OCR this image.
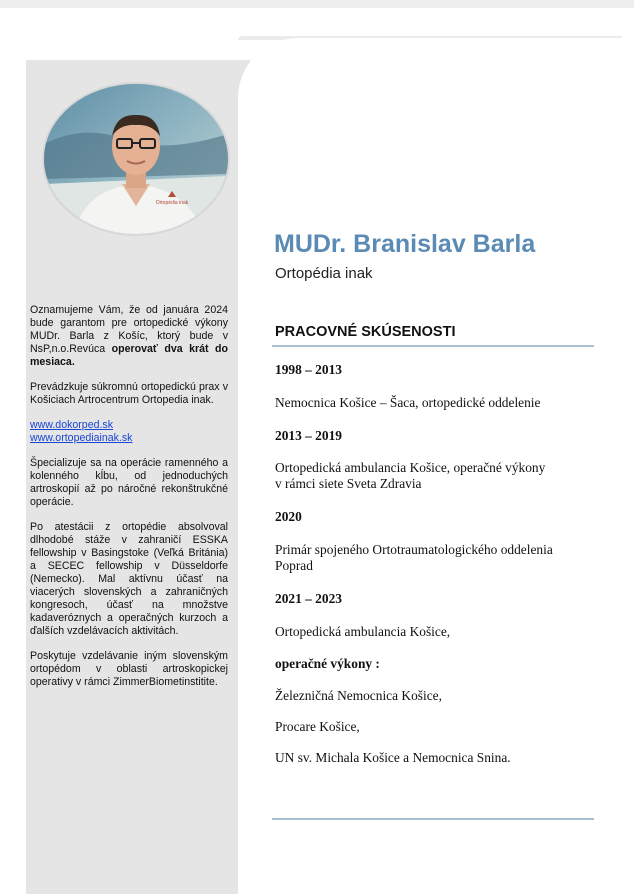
Ortopédia inak

Oznamujeme Vám, že od januára 2024 bude garantom pre ortopedické výkony MUDr. Barla z Košíc, ktorý bude v NsP,n.o.Revúca operovať dva krát do mesiaca.

Prevádzkuje súkromnú ortopedickú prax v Košiciach Artrocentrum Ortopedia inak.

www.dokorped.sk
www.ortopediainak.sk

Špecializuje sa na operácie ramenného a kolenného kĺbu, od jednoduchých artroskopií až po náročné rekonštrukčné operácie.

Po atestácii z ortopédie absolvoval dlhodobé stáže v zahraničí ESSKA fellowship v Basingstoke (Veľká Británia) a SECEC fellowship v Düsseldorfe (Nemecko). Mal aktívnu účasť na viacerých slovenských a zahraničných kongresoch, účasť na množstve kadaveróznych a operačných kurzoch a ďalších vzdelávacích aktivitách.

Poskytuje vzdelávanie iným slovenským ortopédom v oblasti artroskopickej operativy v rámci ZimmerBiometinstitite.

MUDr. Branislav Barla
Ortopédia inak
PRACOVNÉ SKÚSENOSTI
1998 – 2013
Nemocnica Košice – Šaca, ortopedické oddelenie
2013 – 2019
Ortopedická ambulancia Košice, operačné výkony
v rámci siete Sveta Zdravia
2020
Primár spojeného Ortotraumatologického oddelenia
Poprad
2021 – 2023
Ortopedická ambulancia Košice,
operačné výkony :
Železničná Nemocnica Košice,
Procare Košice,
UN sv. Michala Košice a Nemocnica Snina.
